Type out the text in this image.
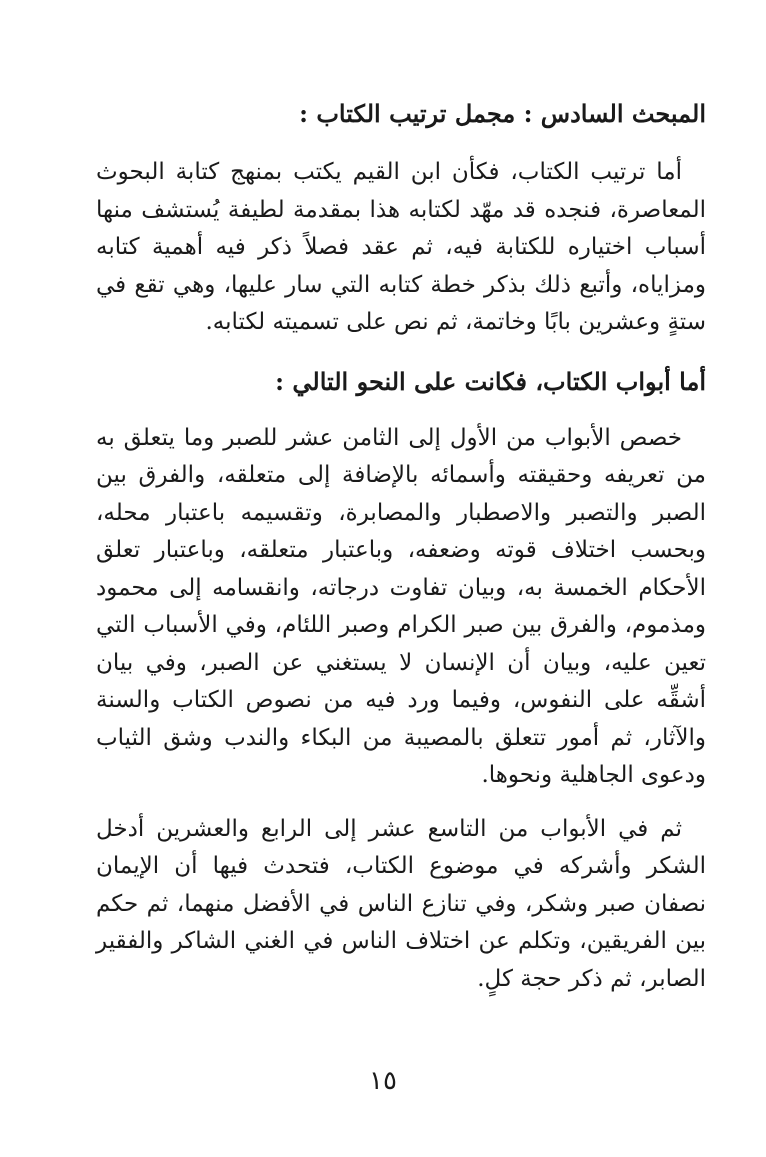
المبحث السادس : مجمل ترتيب الكتاب :

أما ترتيب الكتاب، فكأن ابن القيم يكتب بمنهج كتابة البحوث المعاصرة، فنجده قد مهّد لكتابه هذا بمقدمة لطيفة يُستشف منها أسباب اختياره للكتابة فيه، ثم عقد فصلاً ذكر فيه أهمية كتابه ومزاياه، وأتبع ذلك بذكر خطة كتابه التي سار عليها، وهي تقع في ستةٍ وعشرين بابًا وخاتمة، ثم نص على تسميته لكتابه.

أما أبواب الكتاب، فكانت على النحو التالي :

خصص الأبواب من الأول إلى الثامن عشر للصبر وما يتعلق به من تعريفه وحقيقته وأسمائه بالإضافة إلى متعلقه، والفرق بين الصبر والتصبر والاصطبار والمصابرة، وتقسيمه باعتبار محله، وبحسب اختلاف قوته وضعفه، وباعتبار متعلقه، وباعتبار تعلق الأحكام الخمسة به، وبيان تفاوت درجاته، وانقسامه إلى محمود ومذموم، والفرق بين صبر الكرام وصبر اللئام، وفي الأسباب التي تعين عليه، وبيان أن الإنسان لا يستغني عن الصبر، وفي بيان أشقِّه على النفوس، وفيما ورد فيه من نصوص الكتاب والسنة والآثار، ثم أمور تتعلق بالمصيبة من البكاء والندب وشق الثياب ودعوى الجاهلية ونحوها.

ثم في الأبواب من التاسع عشر إلى الرابع والعشرين أدخل الشكر وأشركه في موضوع الكتاب، فتحدث فيها أن الإيمان نصفان صبر وشكر، وفي تنازع الناس في الأفضل منهما، ثم حكم بين الفريقين، وتكلم عن اختلاف الناس في الغني الشاكر والفقير الصابر، ثم ذكر حجة كلٍ.

١٥
